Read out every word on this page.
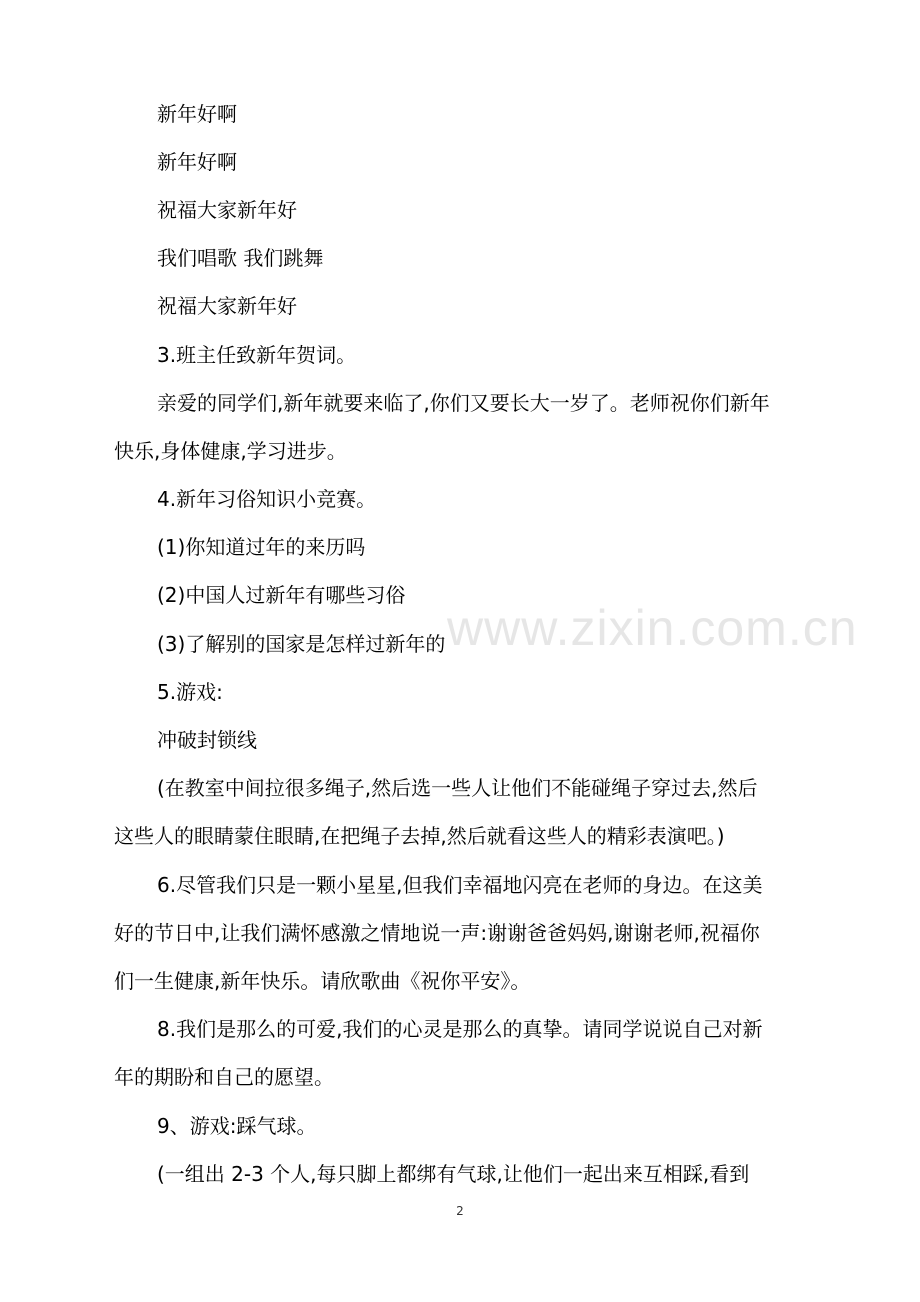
新年好啊
新年好啊
祝福大家新年好
我们唱歌 我们跳舞
祝福大家新年好
3.班主任致新年贺词。
亲爱的同学们,新年就要来临了,你们又要长大一岁了。老师祝你们新年
快乐,身体健康,学习进步。
4.新年习俗知识小竞赛。
(1)你知道过年的来历吗
(2)中国人过新年有哪些习俗
(3)了解别的国家是怎样过新年的
5.游戏:
冲破封锁线
(在教室中间拉很多绳子,然后选一些人让他们不能碰绳子穿过去,然后
这些人的眼睛蒙住眼睛,在把绳子去掉,然后就看这些人的精彩表演吧。)
6.尽管我们只是一颗小星星,但我们幸福地闪亮在老师的身边。在这美
好的节日中,让我们满怀感激之情地说一声:谢谢爸爸妈妈,谢谢老师,祝福你
们一生健康,新年快乐。请欣歌曲《祝你平安》。
8.我们是那么的可爱,我们的心灵是那么的真挚。请同学说说自己对新
年的期盼和自己的愿望。
9、游戏:踩气球。
(一组出 2-3 个人,每只脚上都绑有气球,让他们一起出来互相踩,看到
www.zixin.com.cn
2
